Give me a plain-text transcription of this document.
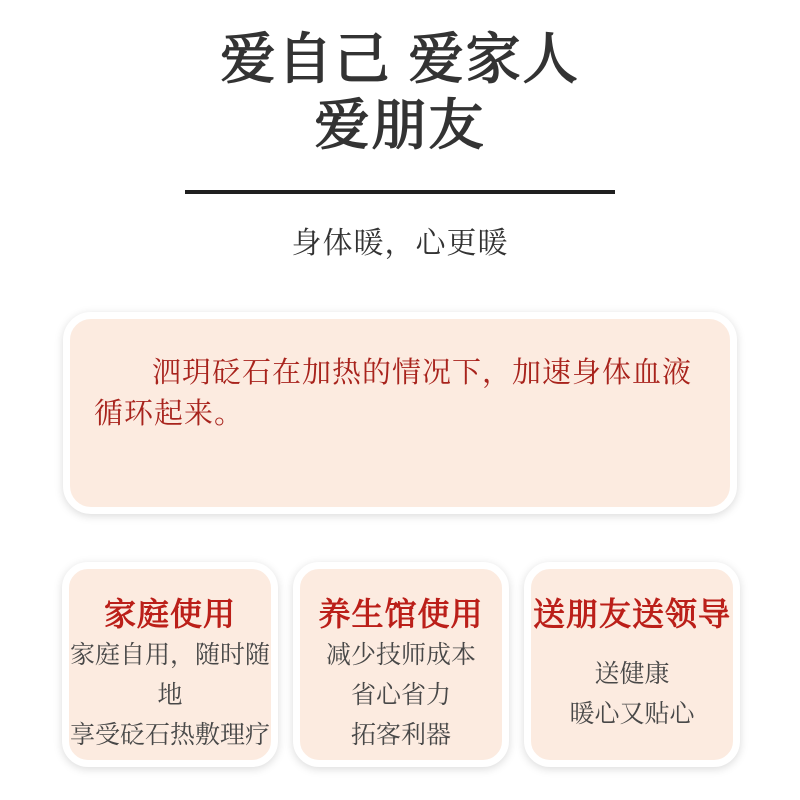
爱自己 爱家人
爱朋友

身体暖，心更暖

泗玥砭石在加热的情况下，加速身体血液循环起来。

家庭使用
家庭自用，随时随地
享受砭石热敷理疗
养生馆使用
减少技师成本
省心省力
拓客利器
送朋友送领导
送健康
暖心又贴心
